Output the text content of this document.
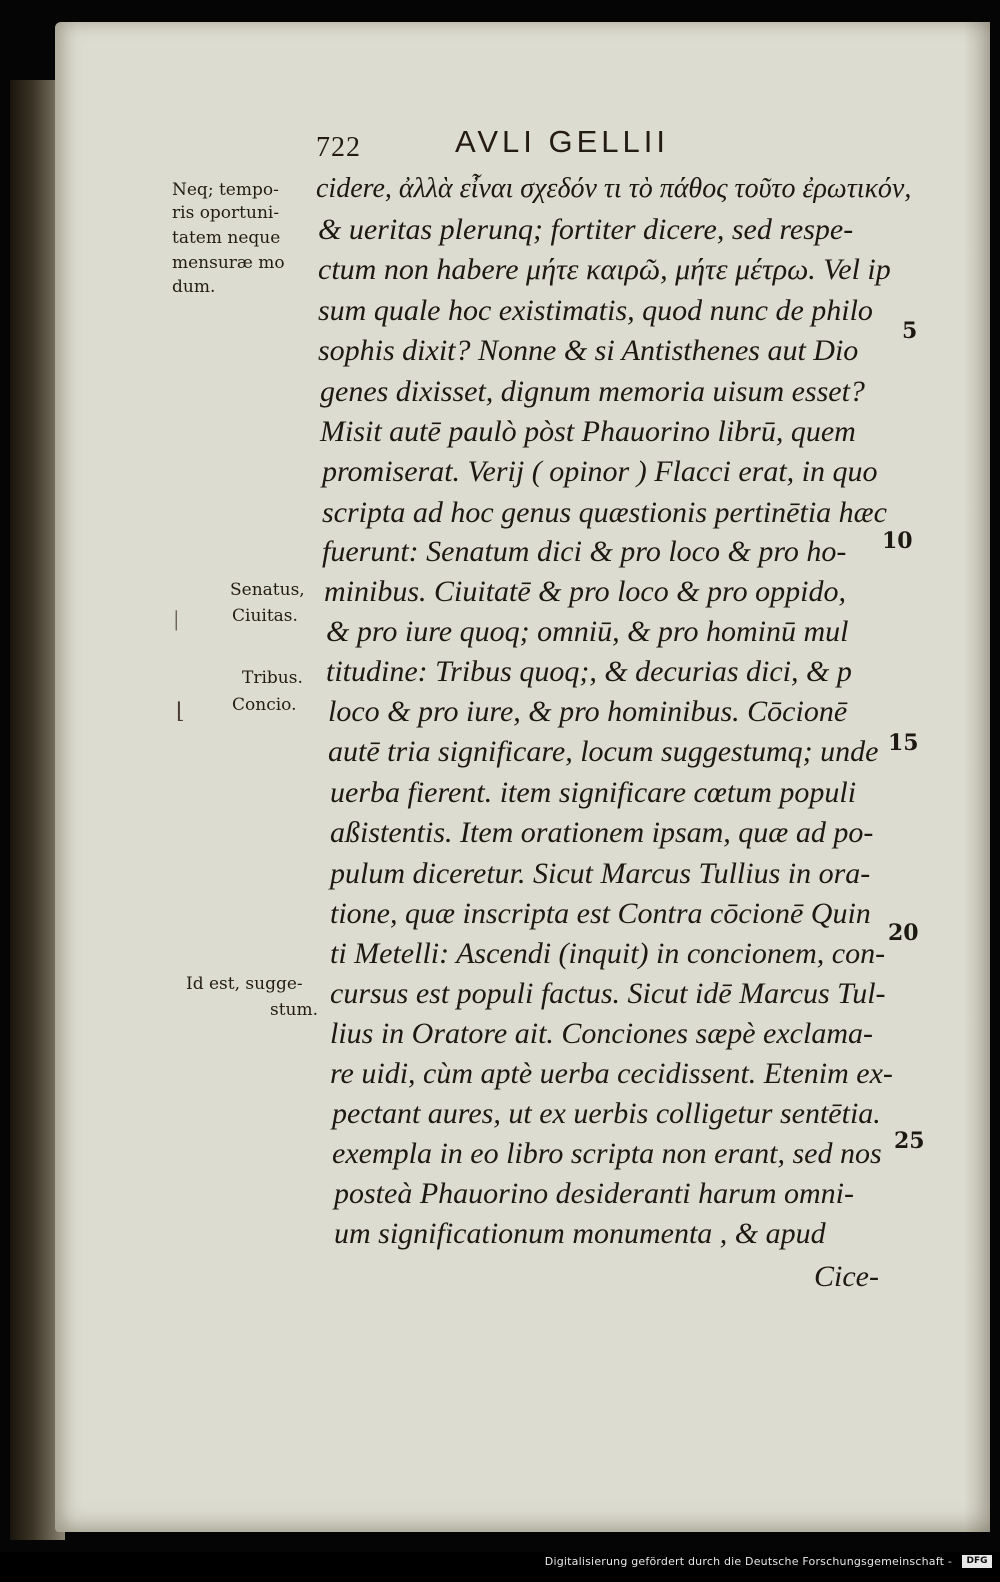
722	AVLI GELLII
Neq; tempo-
ris oportuni-
tatem neque
mensuræ mo
dum.
Senatus,
Ciuitas.
Tribus.
Concio.
Id est, sugge-
stum.
|
⌊
cidere, ἀλλὰ εἶναι σχεδόν τι τὸ πάθος τοῦτο ἐρωτικόν,
& ueritas plerunq; fortiter dicere, sed respe-
ctum non habere μήτε καιρῶ, μήτε μέτρω. Vel ip
sum quale hoc existimatis, quod nunc de philo
sophis dixit? Nonne & si Antisthenes aut Dio
genes dixisset, dignum memoria uisum esset?
Misit autē paulò pòst Phauorino librū, quem
promiserat. Verij ( opinor ) Flacci erat, in quo
scripta ad hoc genus quæstionis pertinētia hæc
fuerunt: Senatum dici & pro loco & pro ho-
minibus. Ciuitatē & pro loco & pro oppido,
& pro iure quoq; omniū, & pro hominū mul
titudine: Tribus quoq;, & decurias dici, & p
loco & pro iure, & pro hominibus. Cōcionē
autē tria significare, locum suggestumq; unde
uerba fierent. item significare cœtum populi
aßistentis. Item orationem ipsam, quæ ad po-
pulum diceretur. Sicut Marcus Tullius in ora-
tione, quæ inscripta est Contra cōcionē Quin
ti Metelli: Ascendi (inquit) in concionem, con-
cursus est populi factus. Sicut idē Marcus Tul-
lius in Oratore ait. Conciones sæpè exclama-
re uidi, cùm aptè uerba cecidissent. Etenim ex-
pectant aures, ut ex uerbis colligetur sentētia.
exempla in eo libro scripta non erant, sed nos
posteà Phauorino desideranti harum omni-
um significationum monumenta , & apud
Cice-
5
10
15
20
25
Digitalisierung gefördert durch die Deutsche Forschungsgemeinschaft -	DFG
